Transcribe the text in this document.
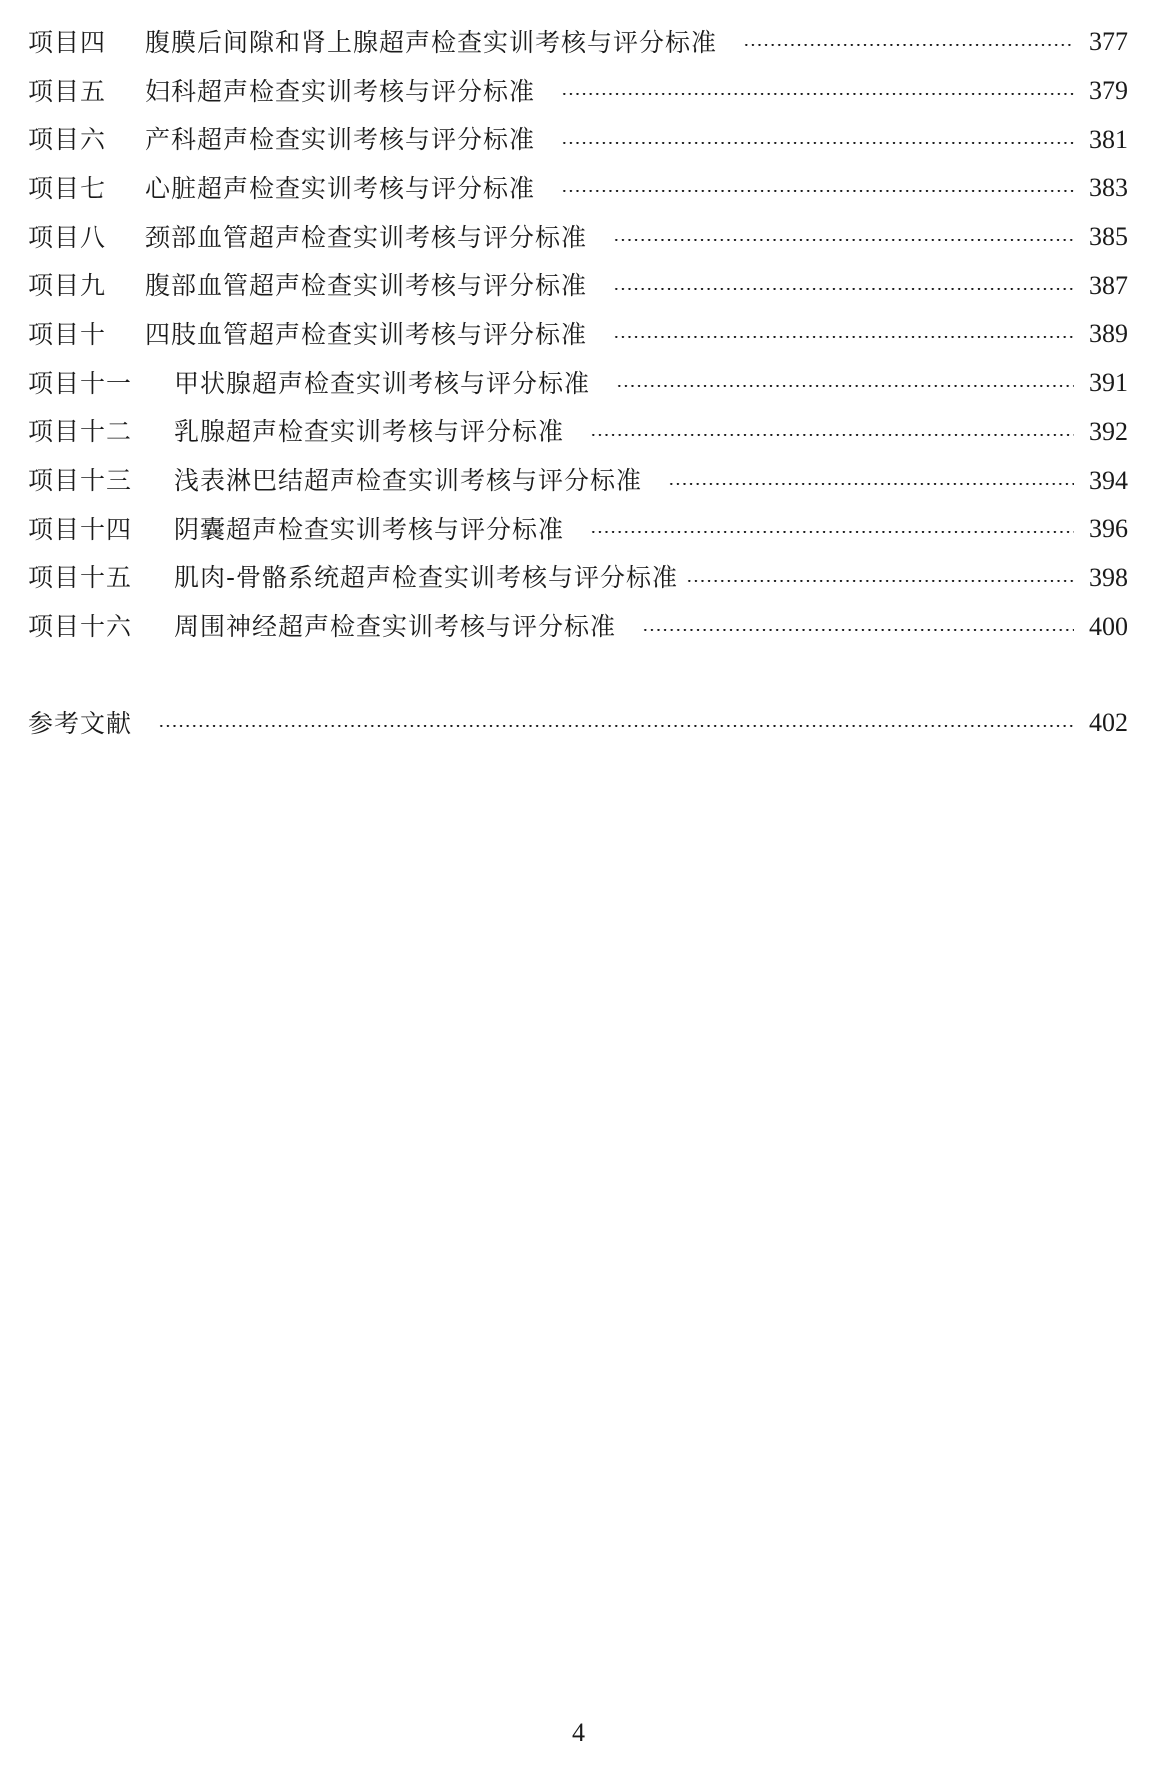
项目四	腹膜后间隙和肾上腺超声检查实训考核与评分标准	377
项目五	妇科超声检查实训考核与评分标准	379
项目六	产科超声检查实训考核与评分标准	381
项目七	心脏超声检查实训考核与评分标准	383
项目八	颈部血管超声检查实训考核与评分标准	385
项目九	腹部血管超声检查实训考核与评分标准	387
项目十	四肢血管超声检查实训考核与评分标准	389
项目十一	甲状腺超声检查实训考核与评分标准	391
项目十二	乳腺超声检查实训考核与评分标准	392
项目十三	浅表淋巴结超声检查实训考核与评分标准	394
项目十四	阴囊超声检查实训考核与评分标准	396
项目十五	肌肉-骨骼系统超声检查实训考核与评分标准	398
项目十六	周围神经超声检查实训考核与评分标准	400
参考文献	402
4
